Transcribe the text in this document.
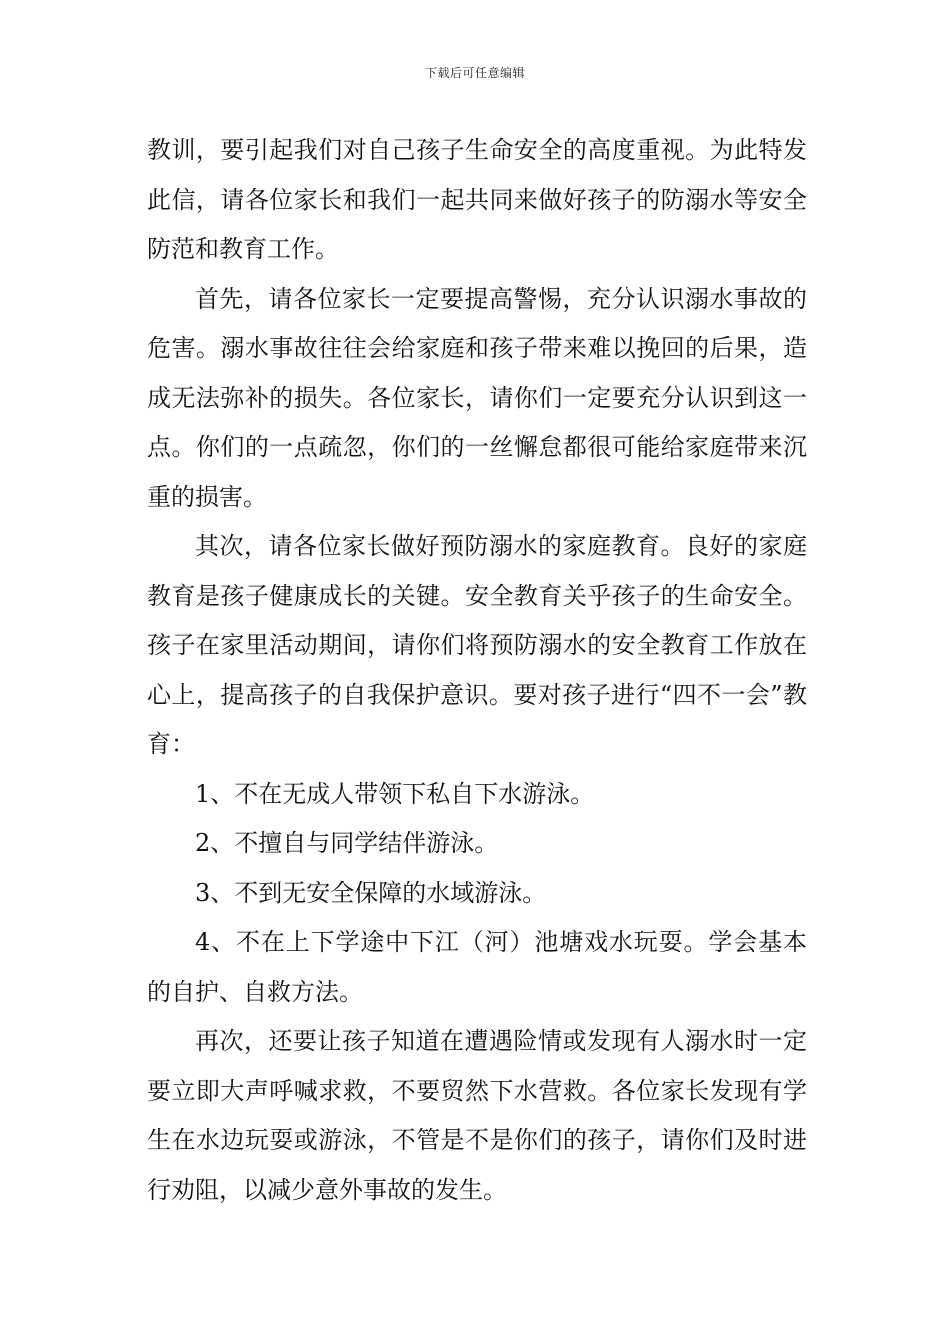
下载后可任意编辑

教训，要引起我们对自己孩子生命安全的高度重视。为此特发此信，请各位家长和我们一起共同来做好孩子的防溺水等安全防范和教育工作。

首先，请各位家长一定要提高警惕，充分认识溺水事故的危害。溺水事故往往会给家庭和孩子带来难以挽回的后果，造成无法弥补的损失。各位家长，请你们一定要充分认识到这一点。你们的一点疏忽，你们的一丝懈怠都很可能给家庭带来沉重的损害。

其次，请各位家长做好预防溺水的家庭教育。良好的家庭教育是孩子健康成长的关键。安全教育关乎孩子的生命安全。孩子在家里活动期间，请你们将预防溺水的安全教育工作放在心上，提高孩子的自我保护意识。要对孩子进行“四不一会”教育：

1、不在无成人带领下私自下水游泳。

2、不擅自与同学结伴游泳。

3、不到无安全保障的水域游泳。

4、不在上下学途中下江（河）池塘戏水玩耍。学会基本的自护、自救方法。

再次，还要让孩子知道在遭遇险情或发现有人溺水时一定要立即大声呼喊求救，不要贸然下水营救。各位家长发现有学生在水边玩耍或游泳，不管是不是你们的孩子，请你们及时进行劝阻，以减少意外事故的发生。
